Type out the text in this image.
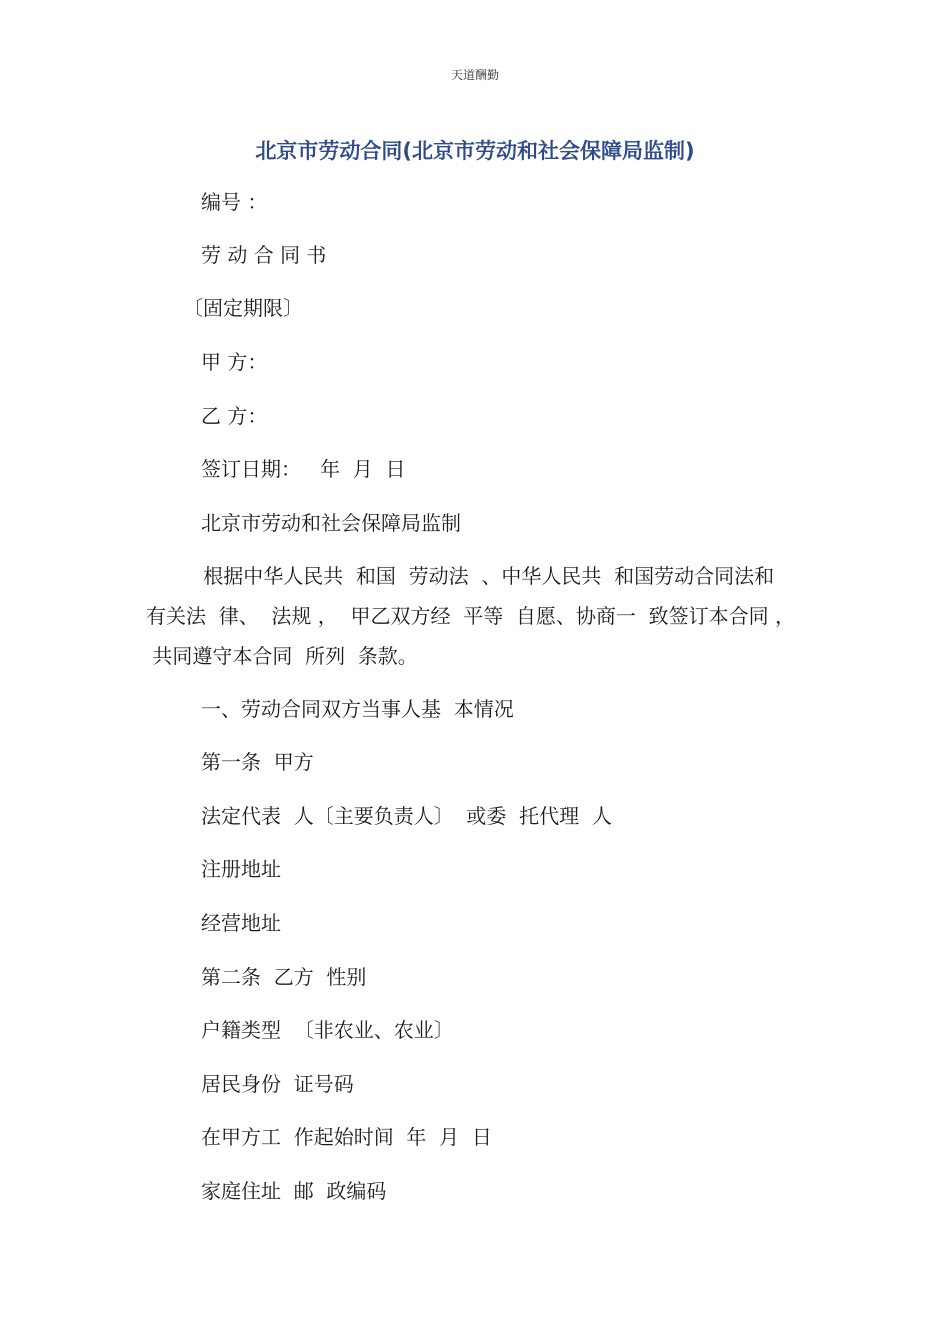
天道酬勤
北京市劳动合同(北京市劳动和社会保障局监制)
编号 ：
劳 动 合 同 书
〔固定期限〕
甲 方：
乙 方：
签订日期：   年  月  日
北京市劳动和社会保障局监制
根据中华人民共  和国  劳动法  、中华人民共  和国劳动合同法和
有关法  律、  法规 ，  甲乙双方经  平等  自愿、协商一  致签订本合同 ，
共同遵守本合同  所列  条款。
一、劳动合同双方当事人基  本情况
第一条  甲方
法定代表  人〔主要负责人〕  或委  托代理  人
注册地址
经营地址
第二条  乙方  性别
户籍类型  〔非农业、农业〕
居民身份  证号码
在甲方工  作起始时间  年  月  日
家庭住址  邮  政编码
